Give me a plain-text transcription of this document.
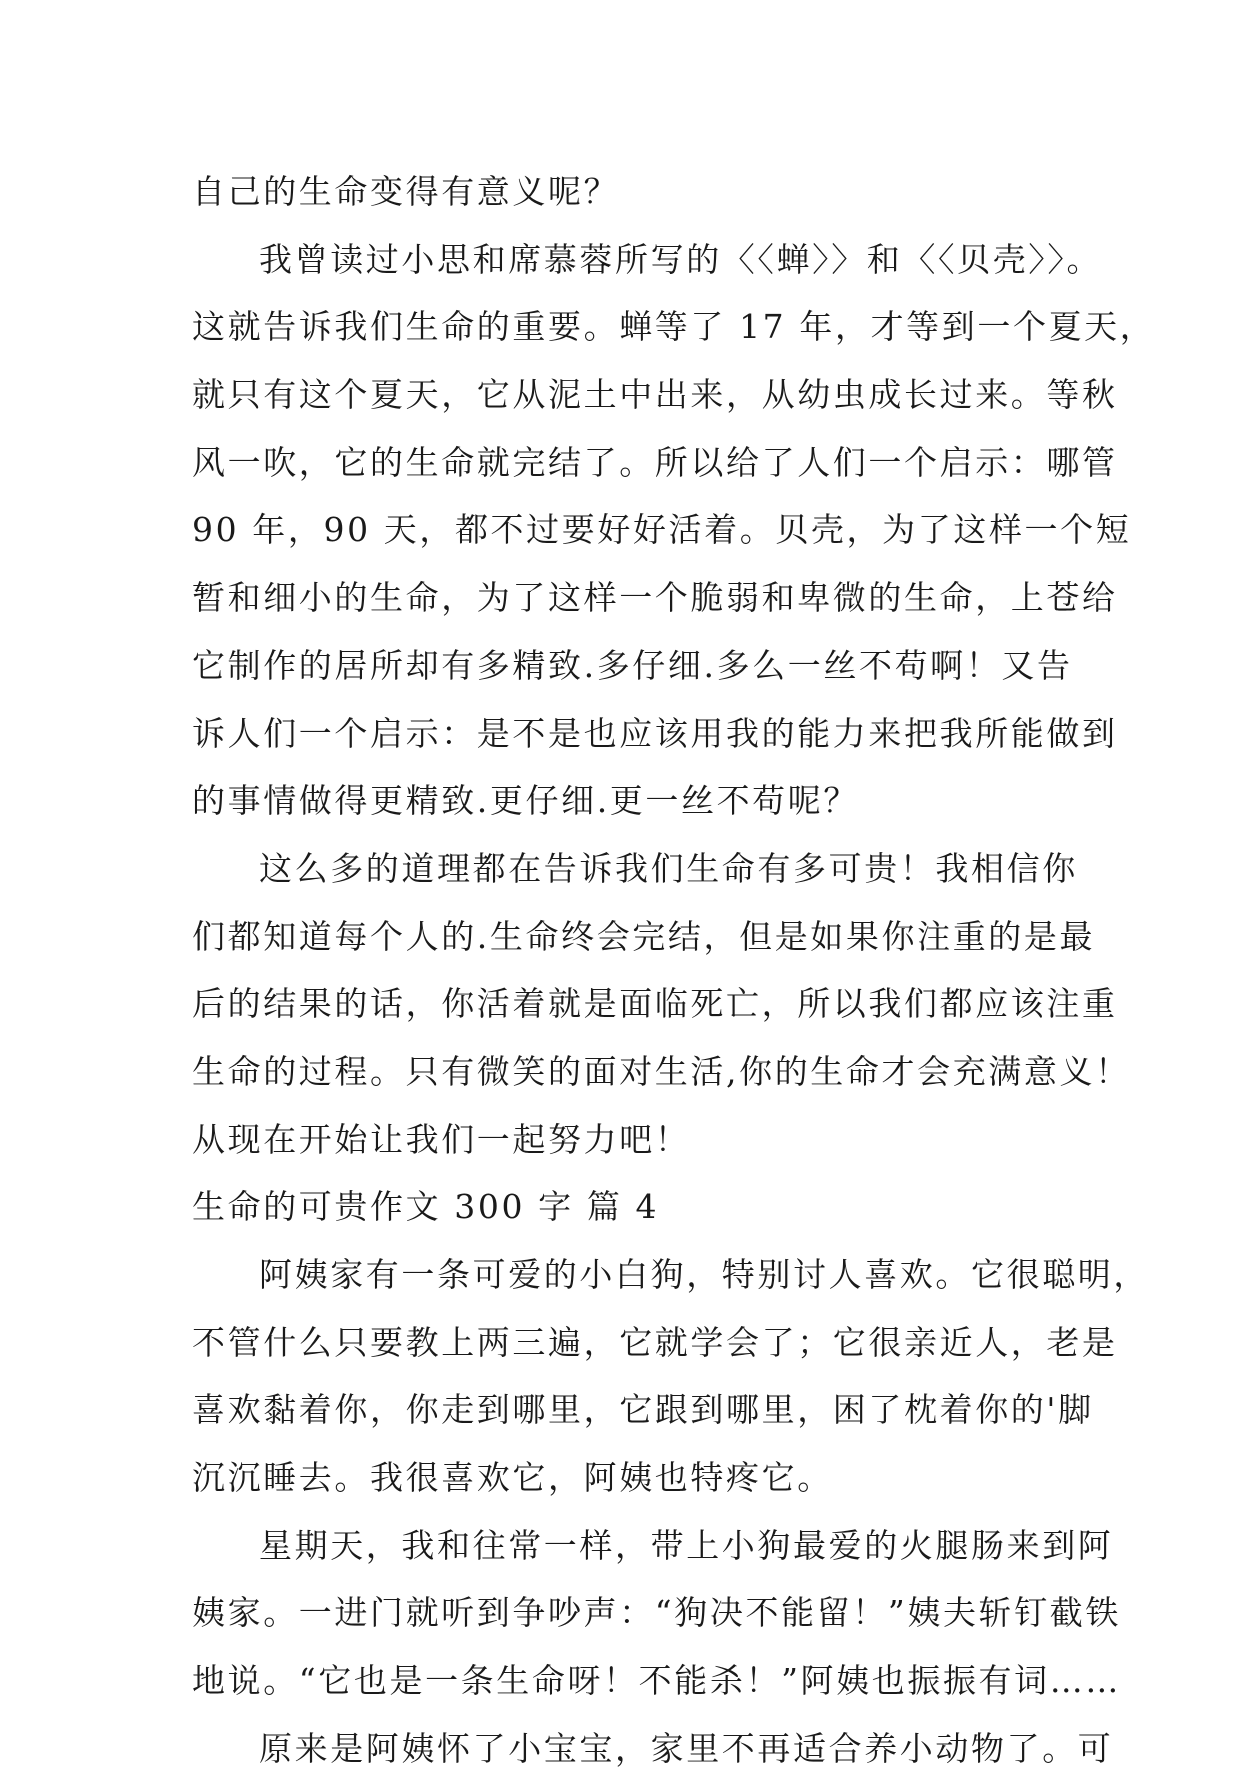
自己的生命变得有意义呢？
我曾读过小思和席慕蓉所写的〈〈蝉〉〉和〈〈贝壳〉〉。
这就告诉我们生命的重要。蝉等了 17 年，才等到一个夏天，
就只有这个夏天，它从泥土中出来，从幼虫成长过来。等秋
风一吹，它的生命就完结了。所以给了人们一个启示：哪管
90 年，90 天，都不过要好好活着。贝壳，为了这样一个短
暂和细小的生命，为了这样一个脆弱和卑微的生命，上苍给
它制作的居所却有多精致.多仔细.多么一丝不苟啊！又告
诉人们一个启示：是不是也应该用我的能力来把我所能做到
的事情做得更精致.更仔细.更一丝不苟呢？
这么多的道理都在告诉我们生命有多可贵！我相信你
们都知道每个人的.生命终会完结，但是如果你注重的是最
后的结果的话，你活着就是面临死亡，所以我们都应该注重
生命的过程。只有微笑的面对生活,你的生命才会充满意义！
从现在开始让我们一起努力吧！
生命的可贵作文 300 字 篇 4
阿姨家有一条可爱的小白狗，特别讨人喜欢。它很聪明，
不管什么只要教上两三遍，它就学会了；它很亲近人，老是
喜欢黏着你，你走到哪里，它跟到哪里，困了枕着你的'脚
沉沉睡去。我很喜欢它，阿姨也特疼它。
星期天，我和往常一样，带上小狗最爱的火腿肠来到阿
姨家。一进门就听到争吵声：“狗决不能留！”姨夫斩钉截铁
地说。“它也是一条生命呀！不能杀！”阿姨也振振有词……
原来是阿姨怀了小宝宝，家里不再适合养小动物了。可
